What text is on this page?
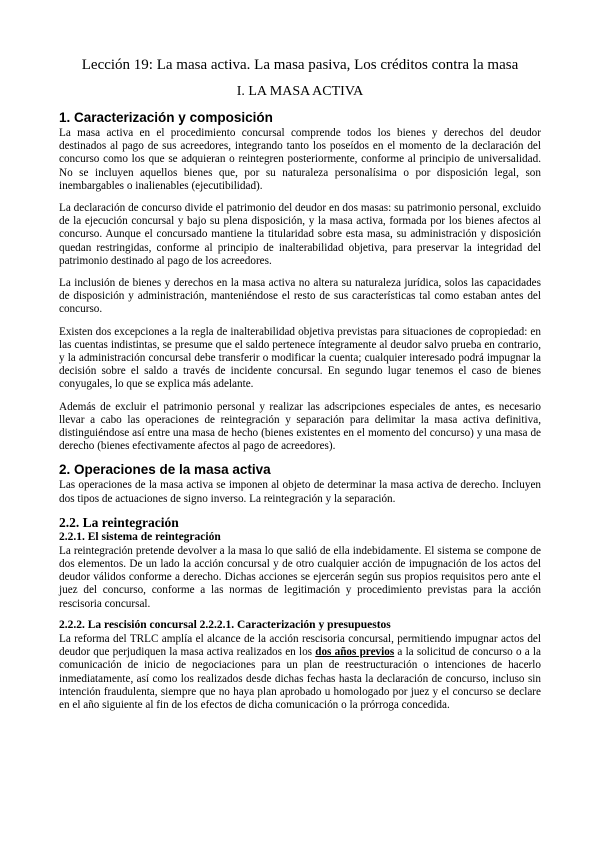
Lección 19: La masa activa. La masa pasiva, Los créditos contra la masa
I. LA MASA ACTIVA
1. Caracterización y composición

La masa activa en el procedimiento concursal comprende todos los bienes y derechos del deudor destinados al pago de sus acreedores, integrando tanto los poseídos en el momento de la declaración del concurso como los que se adquieran o reintegren posteriormente, conforme al principio de universalidad. No se incluyen aquellos bienes que, por su naturaleza personalísima o por disposición legal, son inembargables o inalienables (ejecutibilidad).

La declaración de concurso divide el patrimonio del deudor en dos masas: su patrimonio personal, excluido de la ejecución concursal y bajo su plena disposición, y la masa activa, formada por los bienes afectos al concurso. Aunque el concursado mantiene la titularidad sobre esta masa, su administración y disposición quedan restringidas, conforme al principio de inalterabilidad objetiva, para preservar la integridad del patrimonio destinado al pago de los acreedores.

La inclusión de bienes y derechos en la masa activa no altera su naturaleza jurídica, solos las capacidades de disposición y administración, manteniéndose el resto de sus características tal como estaban antes del concurso.

Existen dos excepciones a la regla de inalterabilidad objetiva previstas para situaciones de copropiedad: en las cuentas indistintas, se presume que el saldo pertenece íntegramente al deudor salvo prueba en contrario, y la administración concursal debe transferir o modificar la cuenta; cualquier interesado podrá impugnar la decisión sobre el saldo a través de incidente concursal. En segundo lugar tenemos el caso de bienes conyugales, lo que se explica más adelante.

Además de excluir el patrimonio personal y realizar las adscripciones especiales de antes, es necesario llevar a cabo las operaciones de reintegración y separación para delimitar la masa activa definitiva, distinguiéndose así entre una masa de hecho (bienes existentes en el momento del concurso) y una masa de derecho (bienes efectivamente afectos al pago de acreedores).

2. Operaciones de la masa activa

Las operaciones de la masa activa se imponen al objeto de determinar la masa activa de derecho. Incluyen dos tipos de actuaciones de signo inverso. La reintegración y la separación.

2.2. La reintegración
2.2.1. El sistema de reintegración

La reintegración pretende devolver a la masa lo que salió de ella indebidamente. El sistema se compone de dos elementos. De un lado la acción concursal y de otro cualquier acción de impugnación de los actos del deudor válidos conforme a derecho. Dichas acciones se ejercerán según sus propios requisitos pero ante el juez del concurso, conforme a las normas de legitimación y procedimiento previstas para la acción rescisoria concursal.

2.2.2. La rescisión concursal 2.2.2.1. Caracterización y presupuestos

La reforma del TRLC amplía el alcance de la acción rescisoria concursal, permitiendo impugnar actos del deudor que perjudiquen la masa activa realizados en los dos años previos a la solicitud de concurso o a la comunicación de inicio de negociaciones para un plan de reestructuración o intenciones de hacerlo inmediatamente, así como los realizados desde dichas fechas hasta la declaración de concurso, incluso sin intención fraudulenta, siempre que no haya plan aprobado u homologado por juez y el concurso se declare en el año siguiente al fin de los efectos de dicha comunicación o la prórroga concedida.
